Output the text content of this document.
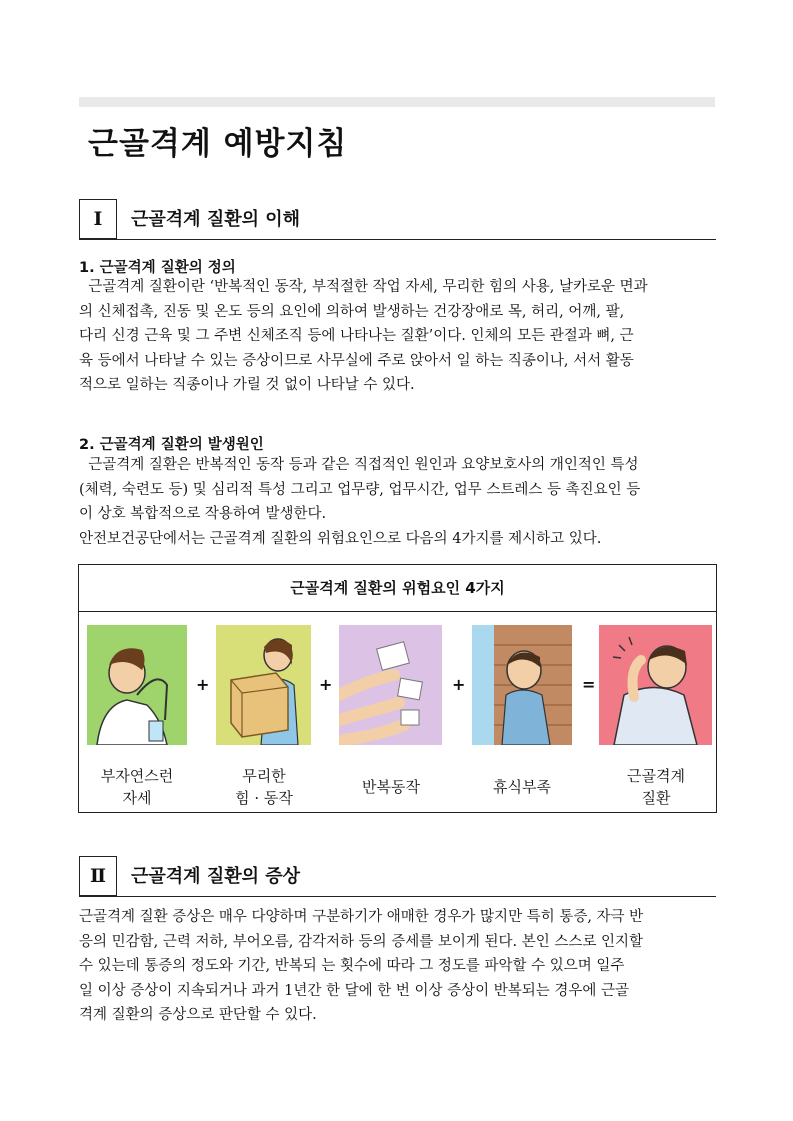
근골격계 예방지침
Ⅰ	근골격계 질환의 이해
1. 근골격계 질환의 정의
근골격계 질환이란 ‘반복적인 동작, 부적절한 작업 자세, 무리한 힘의 사용, 날카로운 면과
의 신체접촉, 진동 및 온도 등의 요인에 의하여 발생하는 건강장애로 목, 허리, 어깨, 팔,
다리 신경 근육 및 그 주변 신체조직 등에 나타나는 질환’이다. 인체의 모든 관절과 뼈, 근
육 등에서 나타날 수 있는 증상이므로 사무실에 주로 앉아서 일 하는 직종이나, 서서 활동
적으로 일하는 직종이나 가릴 것 없이 나타날 수 있다.
2. 근골격계 질환의 발생원인
근골격계 질환은 반복적인 동작 등과 같은 직접적인 원인과 요양보호사의 개인적인 특성
(체력, 숙련도 등) 및 심리적 특성 그리고 업무량, 업무시간, 업무 스트레스 등 촉진요인 등
이 상호 복합적으로 작용하여 발생한다.
안전보건공단에서는 근골격계 질환의 위험요인으로 다음의 4가지를 제시하고 있다.
근골격계 질환의 위험요인 4가지
+	+	+	=
부자연스런
자세
무리한
힘 · 동작
반복동작	휴식부족
근골격계
질환
Ⅱ	근골격계 질환의 증상
근골격계 질환 증상은 매우 다양하며 구분하기가 애매한 경우가 많지만 특히 통증, 자극 반
응의 민감함, 근력 저하, 부어오름, 감각저하 등의 증세를 보이게 된다. 본인 스스로 인지할
수 있는데 통증의 정도와 기간, 반복되 는 횟수에 따라 그 정도를 파악할 수 있으며 일주
일 이상 증상이 지속되거나 과거 1년간 한 달에 한 번 이상 증상이 반복되는 경우에 근골
격계 질환의 증상으로 판단할 수 있다.
